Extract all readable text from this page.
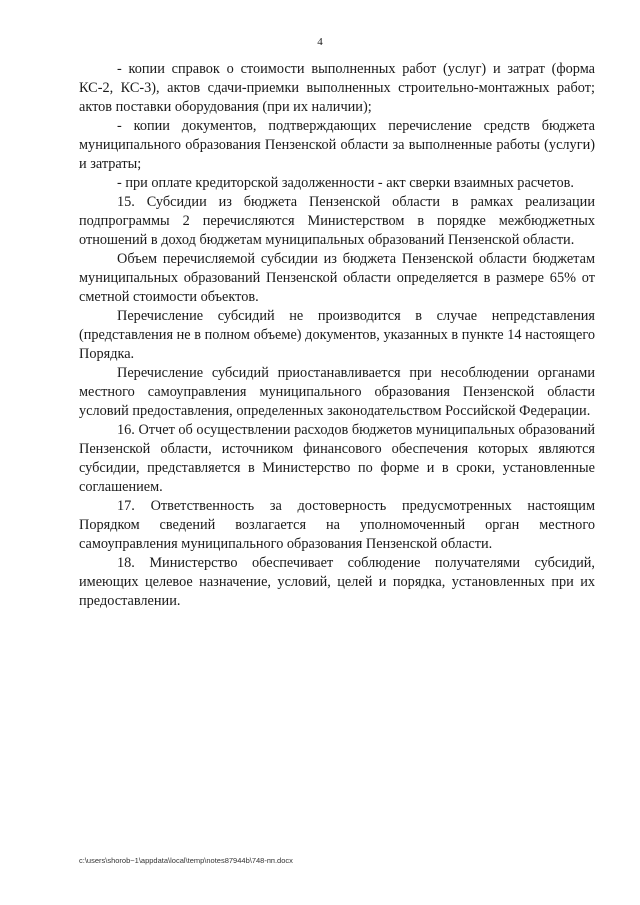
4

- копии справок о стоимости выполненных работ (услуг) и затрат (форма КС-2, КС-3), актов сдачи-приемки выполненных строительно-монтажных работ; актов поставки оборудования (при их наличии);

- копии документов, подтверждающих перечисление средств бюджета муниципального образования Пензенской области за выполненные работы (услуги) и затраты;

- при оплате кредиторской задолженности - акт сверки взаимных расчетов.

15. Субсидии из бюджета Пензенской области в рамках реализации подпрограммы 2 перечисляются Министерством в порядке межбюджетных отношений в доход бюджетам муниципальных образований Пензенской области.

Объем перечисляемой субсидии из бюджета Пензенской области бюджетам муниципальных образований Пензенской области определяется в размере 65% от сметной стоимости объектов.

Перечисление субсидий не производится в случае непредставления (представления не в полном объеме) документов, указанных в пункте 14 настоящего Порядка.

Перечисление субсидий приостанавливается при несоблюдении органами местного самоуправления муниципального образования Пензенской области условий предоставления, определенных законодательством Российской Федерации.

16. Отчет об осуществлении расходов бюджетов муниципальных образований Пензенской области, источником финансового обеспечения которых являются субсидии, представляется в Министерство по форме и в сроки, установленные соглашением.

17. Ответственность за достоверность предусмотренных настоящим Порядком сведений возлагается на уполномоченный орган местного самоуправления муниципального образования Пензенской области.

18. Министерство обеспечивает соблюдение получателями субсидий, имеющих целевое назначение, условий, целей и порядка, установленных при их предоставлении.

c:\users\shorob~1\appdata\local\temp\notes87944b\748-пп.docx
